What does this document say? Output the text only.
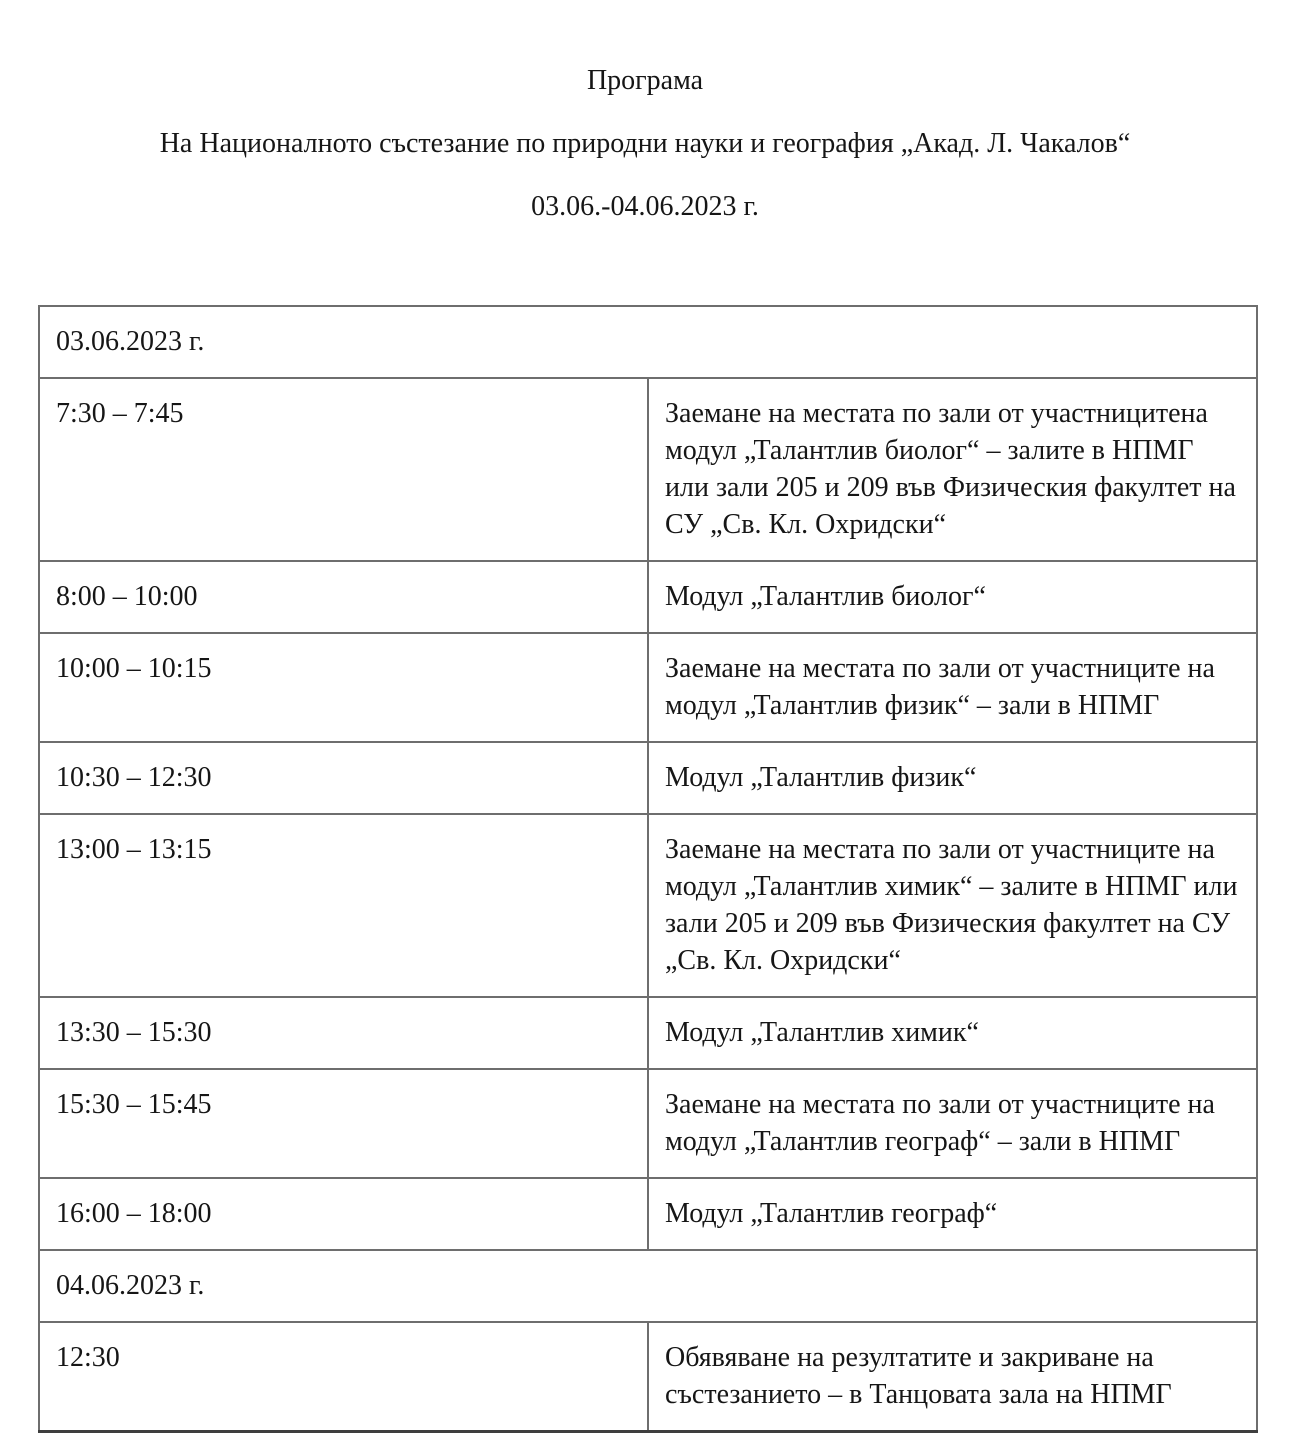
Програма

На Националното състезание по природни науки и география „Акад. Л. Чакалов“

03.06.-04.06.2023 г.

03.06.2023 г.	
7:30 – 7:45	Заемане на местата по зали от участницитена модул „Талантлив биолог“ – залите в НПМГ или зали 205 и 209 във Физическия факултет на СУ „Св. Кл. Охридски“
8:00 – 10:00	Модул „Талантлив биолог“
10:00 – 10:15	Заемане на местата по зали от участниците на модул „Талантлив физик“ – зали в НПМГ
10:30 – 12:30	Модул „Талантлив физик“
13:00 – 13:15	Заемане на местата по зали от участниците на модул „Талантлив химик“ – залите в НПМГ или зали 205 и 209 във Физическия факултет на СУ „Св. Кл. Охридски“
13:30 – 15:30	Модул „Талантлив химик“
15:30 – 15:45	Заемане на местата по зали от участниците на модул „Талантлив географ“ – зали в НПМГ
16:00 – 18:00	Модул „Талантлив географ“
04.06.2023 г.	
12:30	Обявяване на резултатите и закриване на състезанието – в Танцовата зала на НПМГ
